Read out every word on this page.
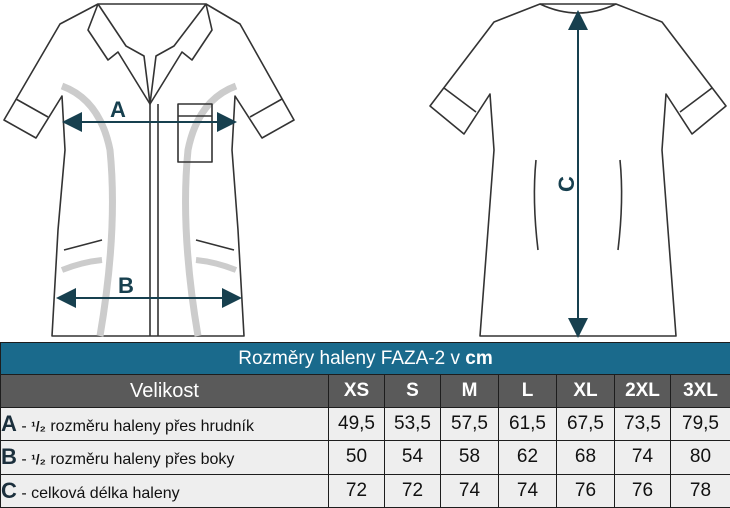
A
B
C
Rozměry haleny FAZA-2 v cm							
Velikost	XS	S	M	L	XL	2XL	3XL
A - ¹/₂ rozměru haleny přes hrudník	49,5	53,5	57,5	61,5	67,5	73,5	79,5
B - ¹/₂ rozměru haleny přes boky	50	54	58	62	68	74	80
C - celková délka haleny	72	72	74	74	76	76	78
